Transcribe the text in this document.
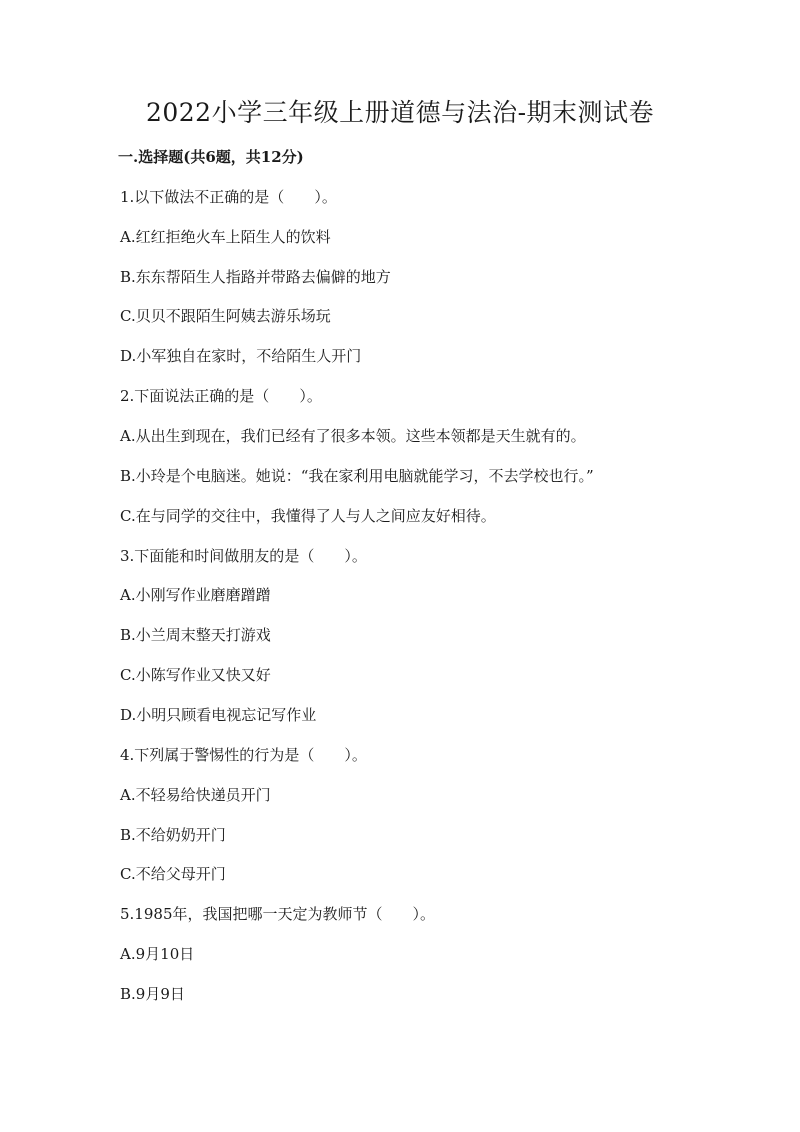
2022小学三年级上册道德与法治-期末测试卷
一.选择题(共6题，共12分)
1.以下做法不正确的是（　　）。
A.红红拒绝火车上陌生人的饮料
B.东东帮陌生人指路并带路去偏僻的地方
C.贝贝不跟陌生阿姨去游乐场玩
D.小军独自在家时，不给陌生人开门
2.下面说法正确的是（　　）。
A.从出生到现在，我们已经有了很多本领。这些本领都是天生就有的。
B.小玲是个电脑迷。她说：“我在家利用电脑就能学习，不去学校也行。”
C.在与同学的交往中，我懂得了人与人之间应友好相待。
3.下面能和时间做朋友的是（　　）。
A.小刚写作业磨磨蹭蹭
B.小兰周末整天打游戏
C.小陈写作业又快又好
D.小明只顾看电视忘记写作业
4.下列属于警惕性的行为是（　　）。
A.不轻易给快递员开门
B.不给奶奶开门
C.不给父母开门
5.1985年，我国把哪一天定为教师节（　　）。
A.9月10日
B.9月9日
